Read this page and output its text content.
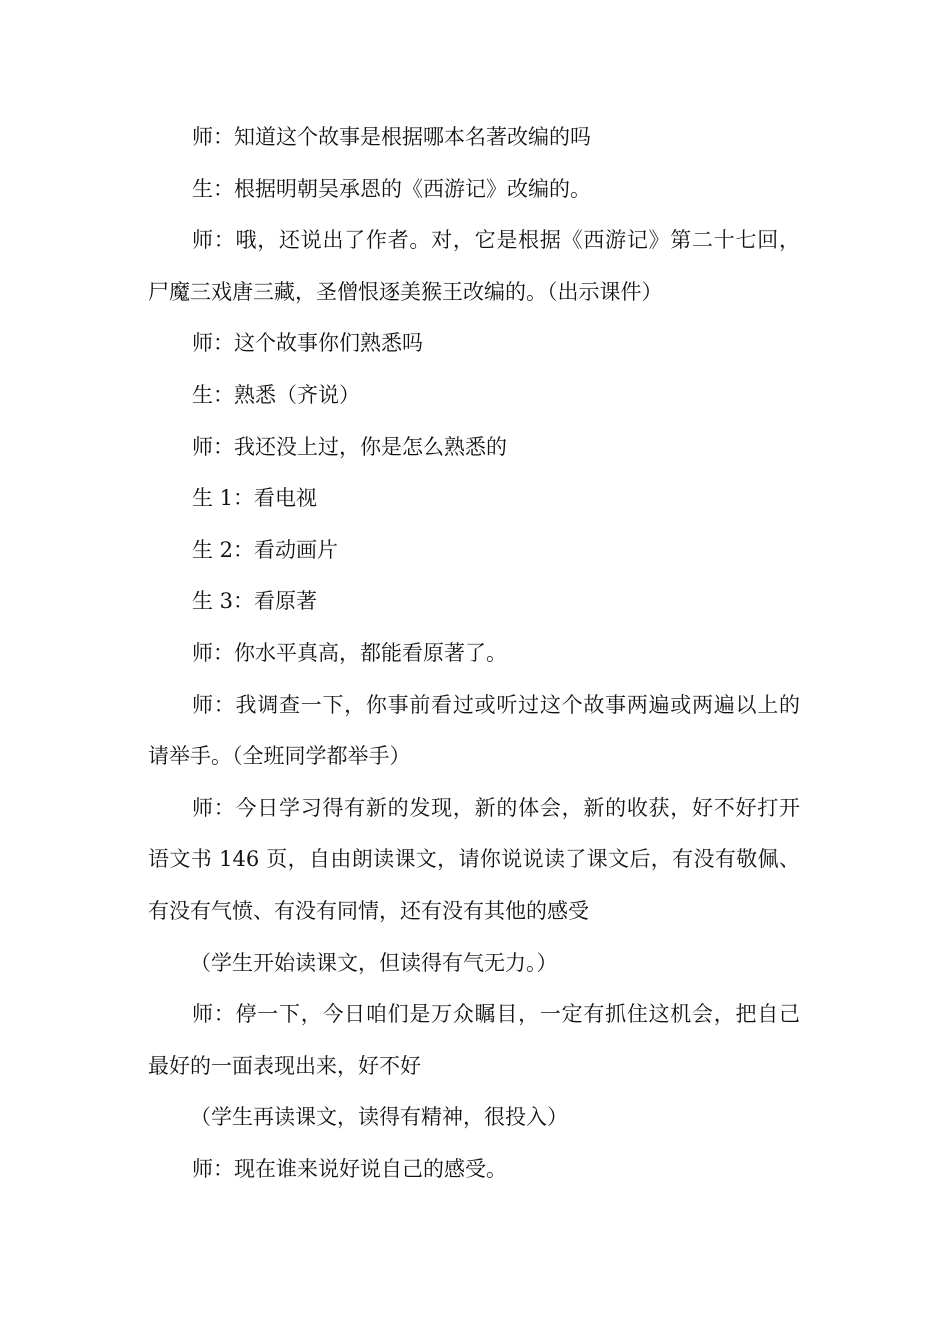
师：知道这个故事是根据哪本名著改编的吗

生：根据明朝吴承恩的《西游记》改编的。

师：哦，还说出了作者。对，它是根据《西游记》第二十七回，尸魔三戏唐三藏，圣僧恨逐美猴王改编的。（出示课件）

师：这个故事你们熟悉吗

生：熟悉（齐说）

师：我还没上过，你是怎么熟悉的

生 1：看电视

生 2：看动画片

生 3：看原著

师：你水平真高，都能看原著了。

师：我调查一下，你事前看过或听过这个故事两遍或两遍以上的请举手。（全班同学都举手）

师：今日学习得有新的发现，新的体会，新的收获，好不好打开语文书 146 页，自由朗读课文，请你说说读了课文后，有没有敬佩、有没有气愤、有没有同情，还有没有其他的感受

（学生开始读课文，但读得有气无力。）

师：停一下，今日咱们是万众瞩目，一定有抓住这机会，把自己最好的一面表现出来，好不好

（学生再读课文，读得有精神，很投入）

师：现在谁来说好说自己的感受。
